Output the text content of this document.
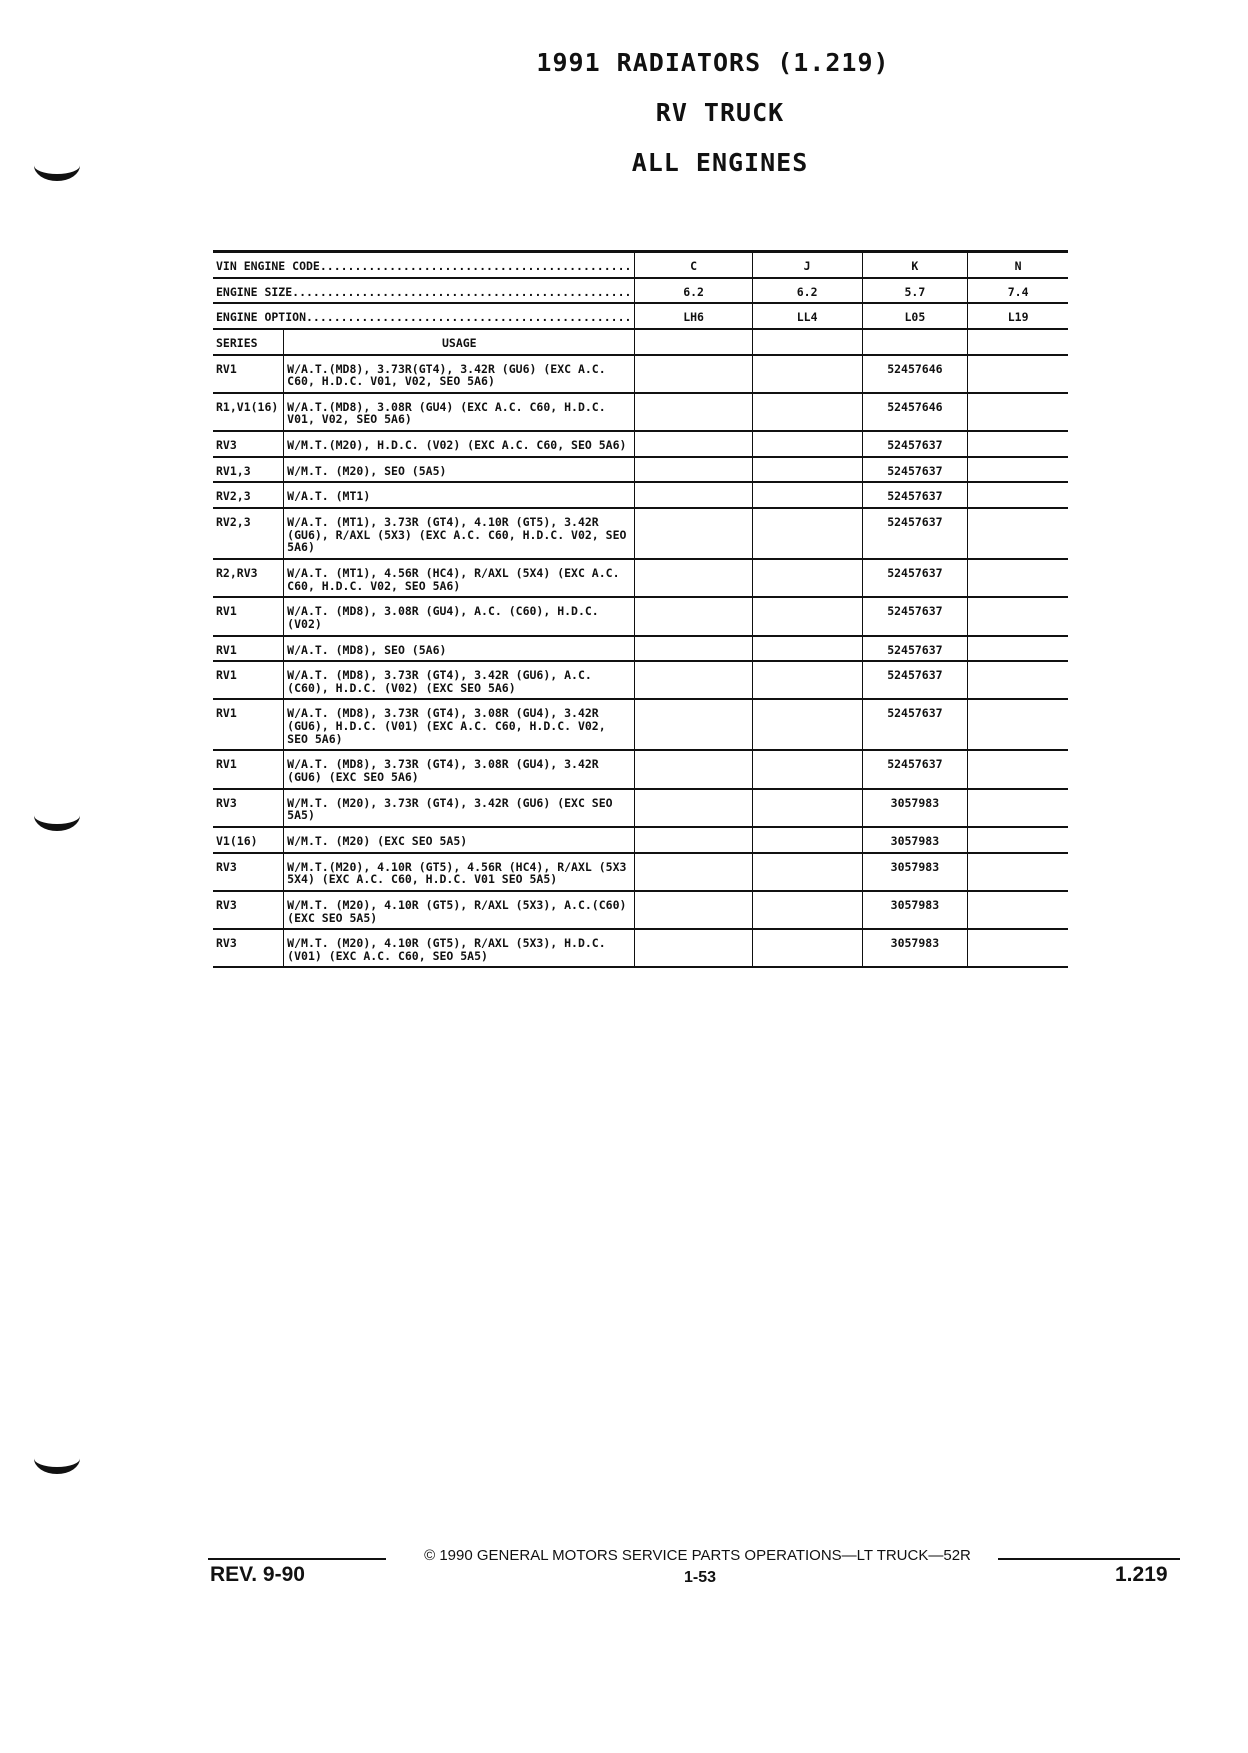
1991 RADIATORS (1.219)
RV TRUCK
ALL ENGINES
VIN ENGINE CODE.............................................		C	J	K	N
ENGINE SIZE.................................................		6.2	6.2	5.7	7.4
ENGINE OPTION...............................................		LH6	LL4	L05	L19
SERIES	USAGE				
RV1	W/A.T.(MD8), 3.73R(GT4), 3.42R (GU6) (EXC A.C. C60, H.D.C. V01, V02, SEO 5A6)			52457646	
R1,V1(16)	W/A.T.(MD8), 3.08R (GU4) (EXC A.C. C60, H.D.C. V01, V02, SEO 5A6)			52457646	
RV3	W/M.T.(M20), H.D.C. (V02) (EXC A.C. C60, SEO 5A6)			52457637	
RV1,3	W/M.T. (M20), SEO (5A5)			52457637	
RV2,3	W/A.T. (MT1)			52457637	
RV2,3	W/A.T. (MT1), 3.73R (GT4), 4.10R (GT5), 3.42R (GU6), R/AXL (5X3) (EXC A.C. C60, H.D.C. V02, SEO 5A6)			52457637	
R2,RV3	W/A.T. (MT1), 4.56R (HC4), R/AXL (5X4) (EXC A.C. C60, H.D.C. V02, SEO 5A6)			52457637	
RV1	W/A.T. (MD8), 3.08R (GU4), A.C. (C60), H.D.C. (V02)			52457637	
RV1	W/A.T. (MD8), SEO (5A6)			52457637	
RV1	W/A.T. (MD8), 3.73R (GT4), 3.42R (GU6), A.C. (C60), H.D.C. (V02) (EXC SEO 5A6)			52457637	
RV1	W/A.T. (MD8), 3.73R (GT4), 3.08R (GU4), 3.42R (GU6), H.D.C. (V01) (EXC A.C. C60, H.D.C. V02, SEO 5A6)			52457637	
RV1	W/A.T. (MD8), 3.73R (GT4), 3.08R (GU4), 3.42R (GU6) (EXC SEO 5A6)			52457637	
RV3	W/M.T. (M20), 3.73R (GT4), 3.42R (GU6) (EXC SEO 5A5)			3057983	
V1(16)	W/M.T. (M20) (EXC SEO 5A5)			3057983	
RV3	W/M.T.(M20), 4.10R (GT5), 4.56R (HC4), R/AXL (5X3 5X4) (EXC A.C. C60, H.D.C. V01 SEO 5A5)			3057983	
RV3	W/M.T. (M20), 4.10R (GT5), R/AXL (5X3), A.C.(C60) (EXC SEO 5A5)			3057983	
RV3	W/M.T. (M20), 4.10R (GT5), R/AXL (5X3), H.D.C. (V01) (EXC A.C. C60, SEO 5A5)			3057983	
© 1990 GENERAL MOTORS SERVICE PARTS OPERATIONS—LT TRUCK—52R
1-53
REV. 9-90	1.219
